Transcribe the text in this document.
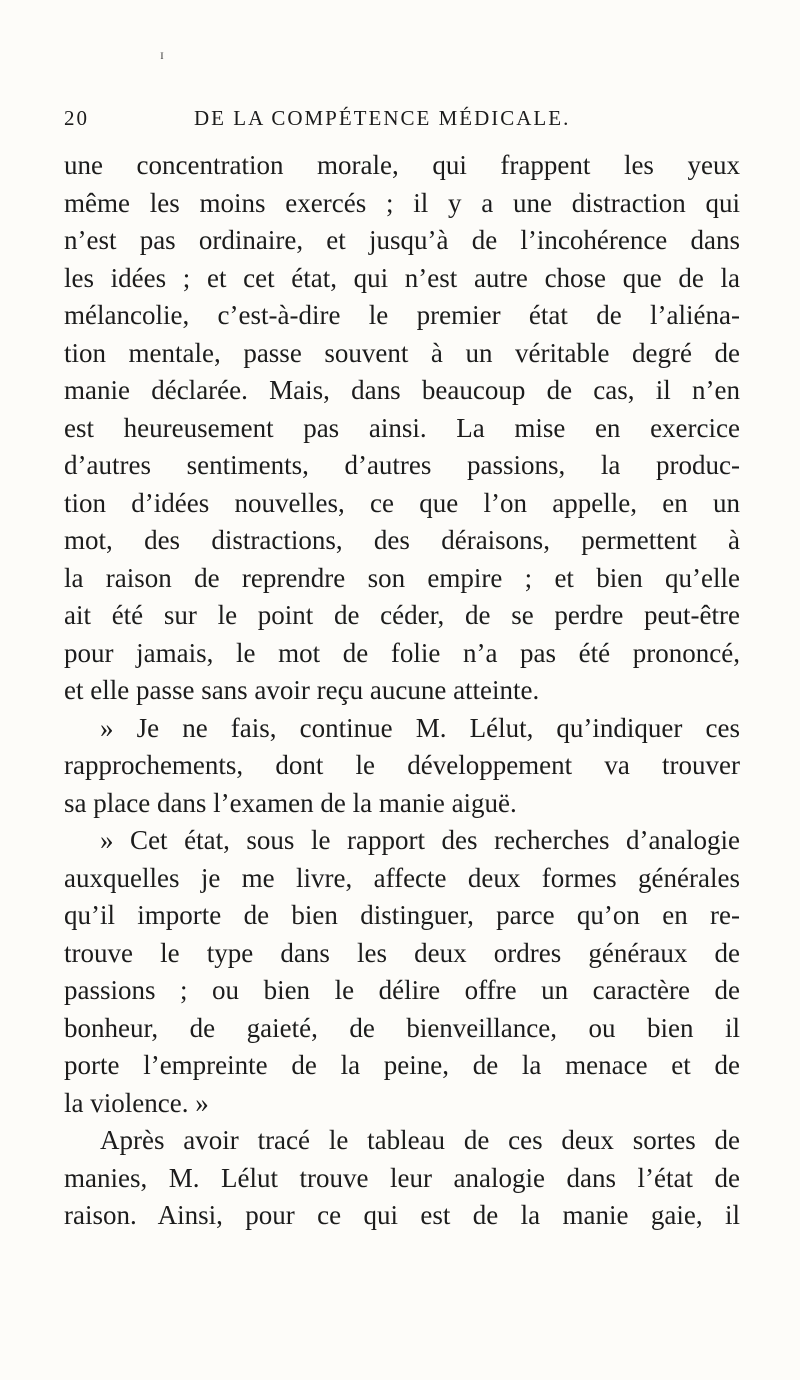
ɪ
20	DE LA COMPÉTENCE MÉDICALE.
une concentration morale, qui frappent les yeux
même les moins exercés ; il y a une distraction qui
n’est pas ordinaire, et jusqu’à de l’incohérence dans
les idées ; et cet état, qui n’est autre chose que de la
mélancolie, c’est-à-dire le premier état de l’aliéna-
tion mentale, passe souvent à un véritable degré de
manie déclarée. Mais, dans beaucoup de cas, il n’en
est heureusement pas ainsi. La mise en exercice
d’autres sentiments, d’autres passions, la produc-
tion d’idées nouvelles, ce que l’on appelle, en un
mot, des distractions, des déraisons, permettent à
la raison de reprendre son empire ; et bien qu’elle
ait été sur le point de céder, de se perdre peut-être
pour jamais, le mot de folie n’a pas été prononcé,
et elle passe sans avoir reçu aucune atteinte.
» Je ne fais, continue M. Lélut, qu’indiquer ces
rapprochements, dont le développement va trouver
sa place dans l’examen de la manie aiguë.
» Cet état, sous le rapport des recherches d’analogie
auxquelles je me livre, affecte deux formes générales
qu’il importe de bien distinguer, parce qu’on en re-
trouve le type dans les deux ordres généraux de
passions ; ou bien le délire offre un caractère de
bonheur, de gaieté, de bienveillance, ou bien il
porte l’empreinte de la peine, de la menace et de
la violence. »
Après avoir tracé le tableau de ces deux sortes de
manies, M. Lélut trouve leur analogie dans l’état de
raison. Ainsi, pour ce qui est de la manie gaie, il
